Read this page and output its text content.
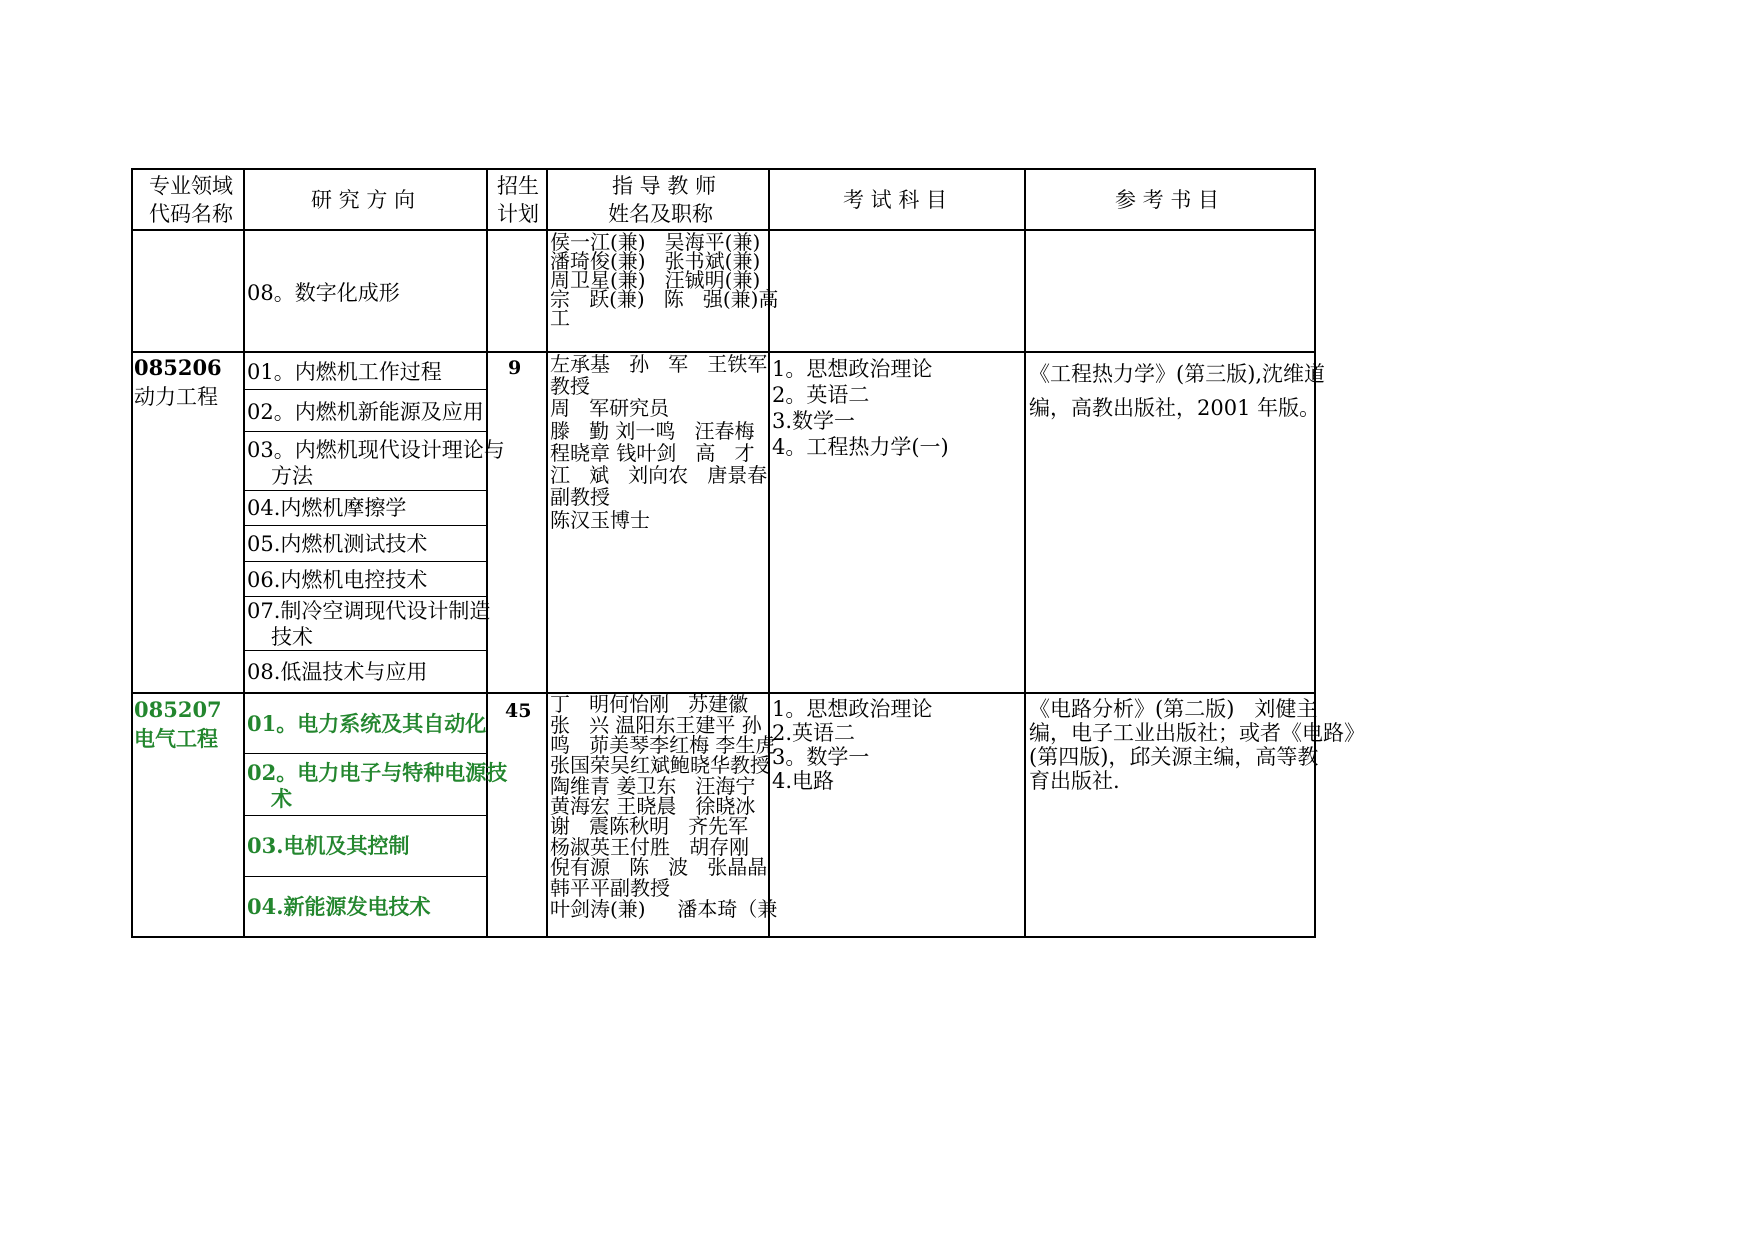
专业领域
代码名称
研 究 方 向
招生
计划
指 导 教 师
姓名及职称
考 试 科 目	参 考 书 目
08。数字化成形
侯一江(兼)   吴海平(兼)
潘琦俊(兼)   张书斌(兼)
周卫星(兼)   汪铖明(兼)
宗   跃(兼)   陈   强(兼)高
工
085206
动力工程
9
01。内燃机工作过程
02。内燃机新能源及应用
03。内燃机现代设计理论与
方法
04.内燃机摩擦学
05.内燃机测试技术
06.内燃机电控技术
07.制冷空调现代设计制造
技术
08.低温技术与应用
左承基   孙   军   王铁军
教授
周   军研究员
滕   勤 刘一鸣   汪春梅
程晓章 钱叶剑   高   才
江   斌   刘向农   唐景春
副教授
陈汉玉博士
1。思想政治理论
2。英语二
3.数学一
4。工程热力学(一)
《工程热力学》(第三版),沈维道
编，高教出版社，2001 年版。
085207
电气工程
45
01。电力系统及其自动化
02。电力电子与特种电源技
术
03.电机及其控制
04.新能源发电技术
丁   明何怡刚   苏建徽
张   兴 温阳东王建平 孙
鸣   茆美琴李红梅 李生虎
张国荣吴红斌鲍晓华教授
陶维青 姜卫东   汪海宁
黄海宏 王晓晨   徐晓冰
谢   震陈秋明   齐先军
杨淑英王付胜   胡存刚
倪有源   陈   波   张晶晶
韩平平副教授
叶剑涛(兼)     潘本琦（兼
1。思想政治理论
2.英语二
3。数学一
4.电路
《电路分析》(第二版)   刘健主
编，电子工业出版社；或者《电路》
(第四版)，邱关源主编，高等教
育出版社.
